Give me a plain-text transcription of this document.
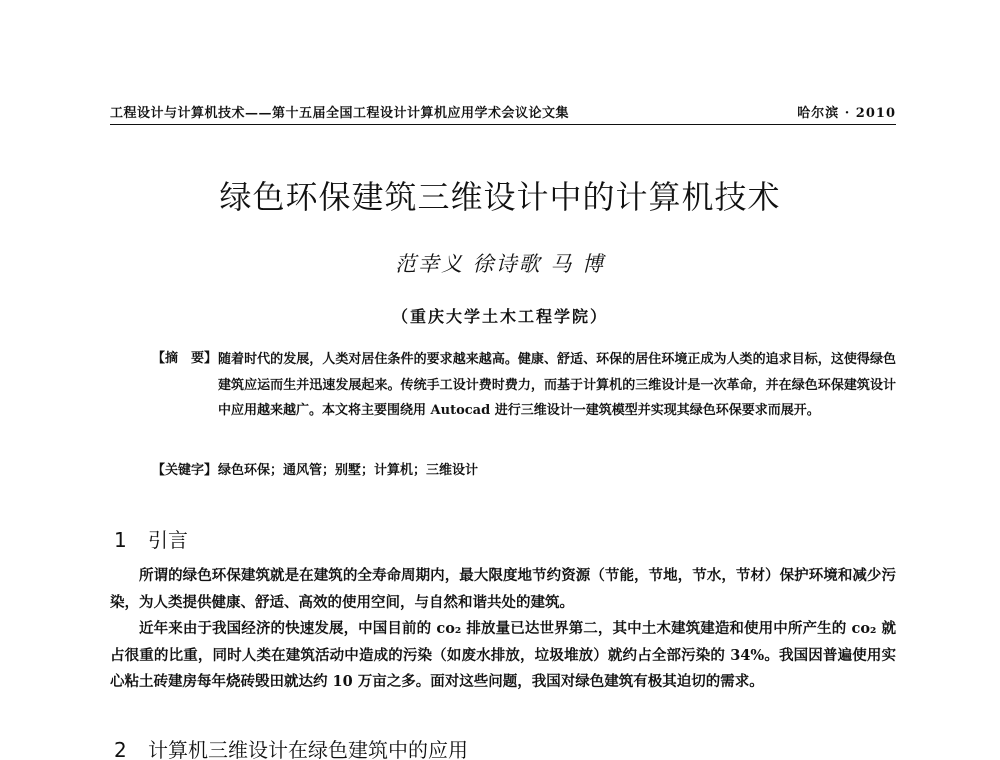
工程设计与计算机技术——第十五届全国工程设计计算机应用学术会议论文集	哈尔滨 · 2010
绿色环保建筑三维设计中的计算机技术
范幸义 徐诗歌 马 博
（重庆大学土木工程学院）
【摘　要】 随着时代的发展，人类对居住条件的要求越来越高。健康、舒适、环保的居住环境正成为人类的追求目标，这使得绿色建筑应运而生并迅速发展起来。传统手工设计费时费力，而基于计算机的三维设计是一次革命，并在绿色环保建筑设计中应用越来越广。本文将主要围绕用 Autocad 进行三维设计一建筑模型并实现其绿色环保要求而展开。
【关键字】 绿色环保；通风管；别墅；计算机；三维设计
1 引言
所谓的绿色环保建筑就是在建筑的全寿命周期内，最大限度地节约资源（节能，节地，节水，节材）保护环境和减少污染，为人类提供健康、舒适、高效的使用空间，与自然和谐共处的建筑。
近年来由于我国经济的快速发展，中国目前的 co₂ 排放量已达世界第二，其中土木建筑建造和使用中所产生的 co₂ 就占很重的比重，同时人类在建筑活动中造成的污染（如废水排放，垃圾堆放）就约占全部污染的 34%。我国因普遍使用实心粘土砖建房每年烧砖毁田就达约 10 万亩之多。面对这些问题，我国对绿色建筑有极其迫切的需求。
2 计算机三维设计在绿色建筑中的应用
